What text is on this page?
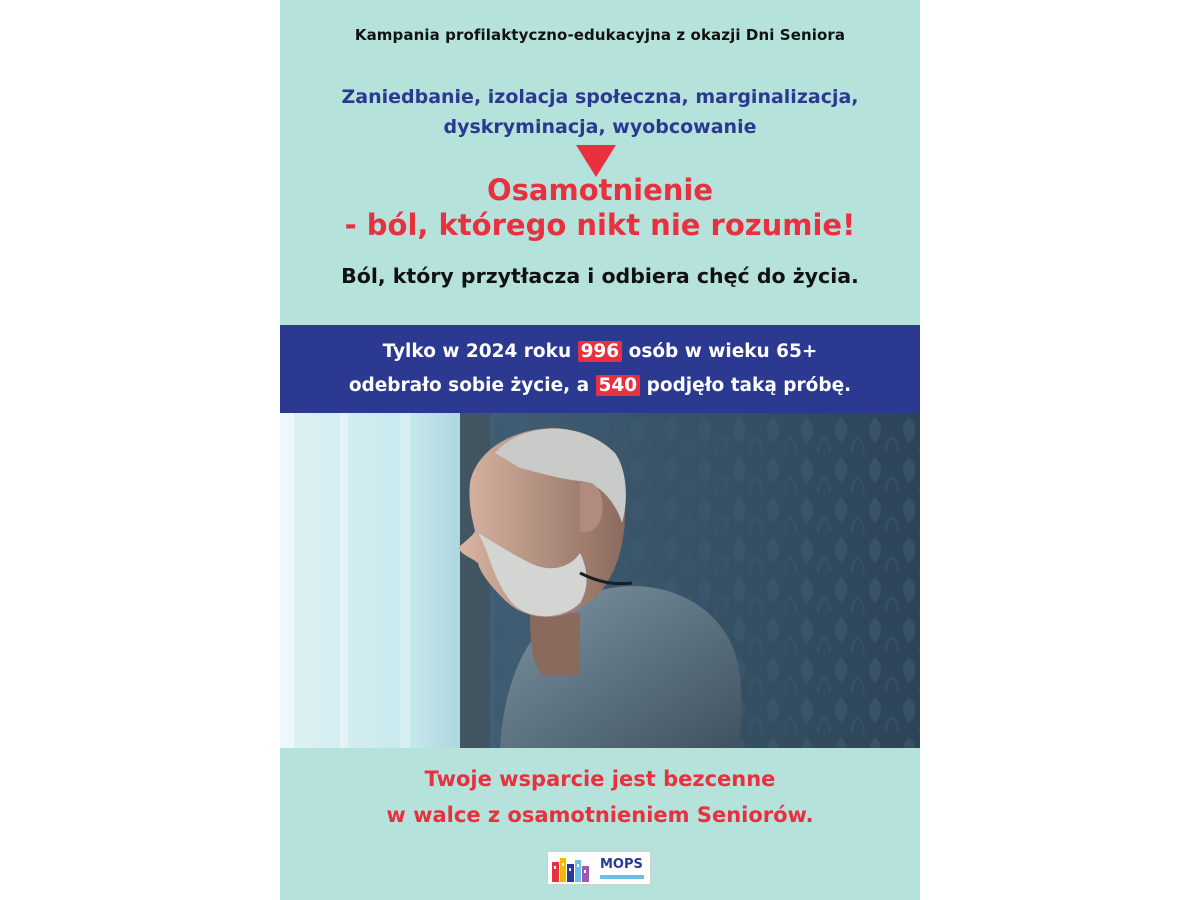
Kampania profilaktyczno-edukacyjna z okazji Dni Seniora
Zaniedbanie, izolacja społeczna, marginalizacja,
dyskryminacja, wyobcowanie
Osamotnienie
- ból, którego nikt nie rozumie!
Ból, który przytłacza i odbiera chęć do życia.
Tylko w 2024 roku 996 osób w wieku 65+
odebrało sobie życie, a 540 podjęło taką próbę.
Twoje wsparcie jest bezcenne
w walce z osamotnieniem Seniorów.
MOPS
